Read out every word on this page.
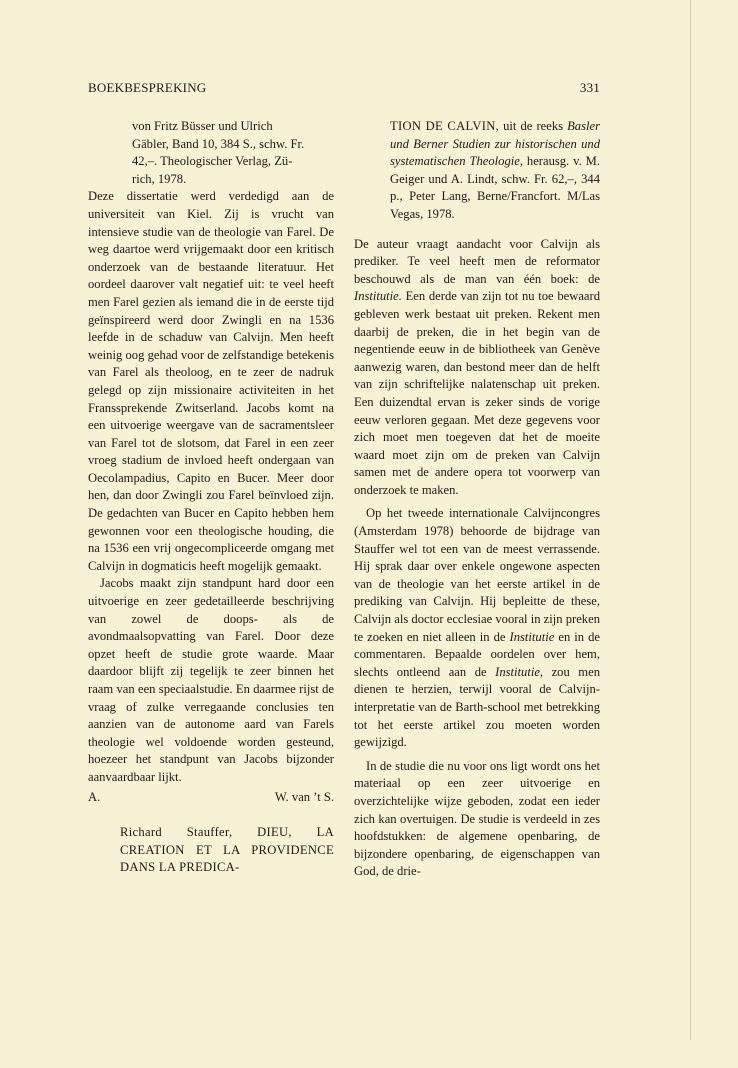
BOEKBESPREKING	331
von Fritz Büsser und Ulrich
Gäbler, Band 10, 384 S., schw. Fr.
42,–. Theologischer Verlag, Zü-
rich, 1978.

Deze dissertatie werd verdedigd aan de universiteit van Kiel. Zij is vrucht van intensieve studie van de theologie van Farel. De weg daartoe werd vrijgemaakt door een kritisch onderzoek van de bestaande literatuur. Het oordeel daarover valt negatief uit: te veel heeft men Farel gezien als iemand die in de eerste tijd geïnspireerd werd door Zwingli en na 1536 leefde in de schaduw van Calvijn. Men heeft weinig oog gehad voor de zelfstandige betekenis van Farel als theoloog, en te zeer de nadruk gelegd op zijn missionaire activiteiten in het Franssprekende Zwitserland. Jacobs komt na een uitvoerige weergave van de sacramentsleer van Farel tot de slotsom, dat Farel in een zeer vroeg stadium de invloed heeft ondergaan van Oecolampadius, Capito en Bucer. Meer door hen, dan door Zwingli zou Farel beïnvloed zijn. De gedachten van Bucer en Capito hebben hem gewonnen voor een theologische houding, die na 1536 een vrij ongecompliceerde omgang met Calvijn in dogmaticis heeft mogelijk gemaakt.

Jacobs maakt zijn standpunt hard door een uitvoerige en zeer gedetailleerde beschrijving van zowel de doops- als de avondmaalsopvatting van Farel. Door deze opzet heeft de studie grote waarde. Maar daardoor blijft zij tegelijk te zeer binnen het raam van een speciaalstudie. En daarmee rijst de vraag of zulke verregaande conclusies ten aanzien van de autonome aard van Farels theologie wel voldoende worden gesteund, hoezeer het standpunt van Jacobs bijzonder aanvaardbaar lijkt.

A.	W. van ’t S.
Richard Stauffer, DIEU, LA CREATION ET LA PROVIDENCE DANS LA PREDICA-
TION DE CALVIN, uit de reeks Basler und Berner Studien zur historischen und systematischen Theologie, herausg. v. M. Geiger und A. Lindt, schw. Fr. 62,–, 344 p., Peter Lang, Berne/Francfort. M/Las Vegas, 1978.

De auteur vraagt aandacht voor Calvijn als prediker. Te veel heeft men de reformator beschouwd als de man van één boek: de Institutie. Een derde van zijn tot nu toe bewaard gebleven werk bestaat uit preken. Rekent men daarbij de preken, die in het begin van de negentiende eeuw in de bibliotheek van Genève aanwezig waren, dan bestond meer dan de helft van zijn schriftelijke nalatenschap uit preken. Een duizendtal ervan is zeker sinds de vorige eeuw verloren gegaan. Met deze gegevens voor zich moet men toegeven dat het de moeite waard moet zijn om de preken van Calvijn samen met de andere opera tot voorwerp van onderzoek te maken.

Op het tweede internationale Calvijncongres (Amsterdam 1978) behoorde de bijdrage van Stauffer wel tot een van de meest verrassende. Hij sprak daar over enkele ongewone aspecten van de theologie van het eerste artikel in de prediking van Calvijn. Hij bepleitte de these, Calvijn als doctor ecclesiae vooral in zijn preken te zoeken en niet alleen in de Institutie en in de commentaren. Bepaalde oordelen over hem, slechts ontleend aan de Institutie, zou men dienen te herzien, terwijl vooral de Calvijn-interpretatie van de Barth-school met betrekking tot het eerste artikel zou moeten worden gewijzigd.

In de studie die nu voor ons ligt wordt ons het materiaal op een zeer uitvoerige en overzichtelijke wijze geboden, zodat een ieder zich kan overtuigen. De studie is verdeeld in zes hoofdstukken: de algemene openbaring, de bijzondere openbaring, de eigenschappen van God, de drie-
